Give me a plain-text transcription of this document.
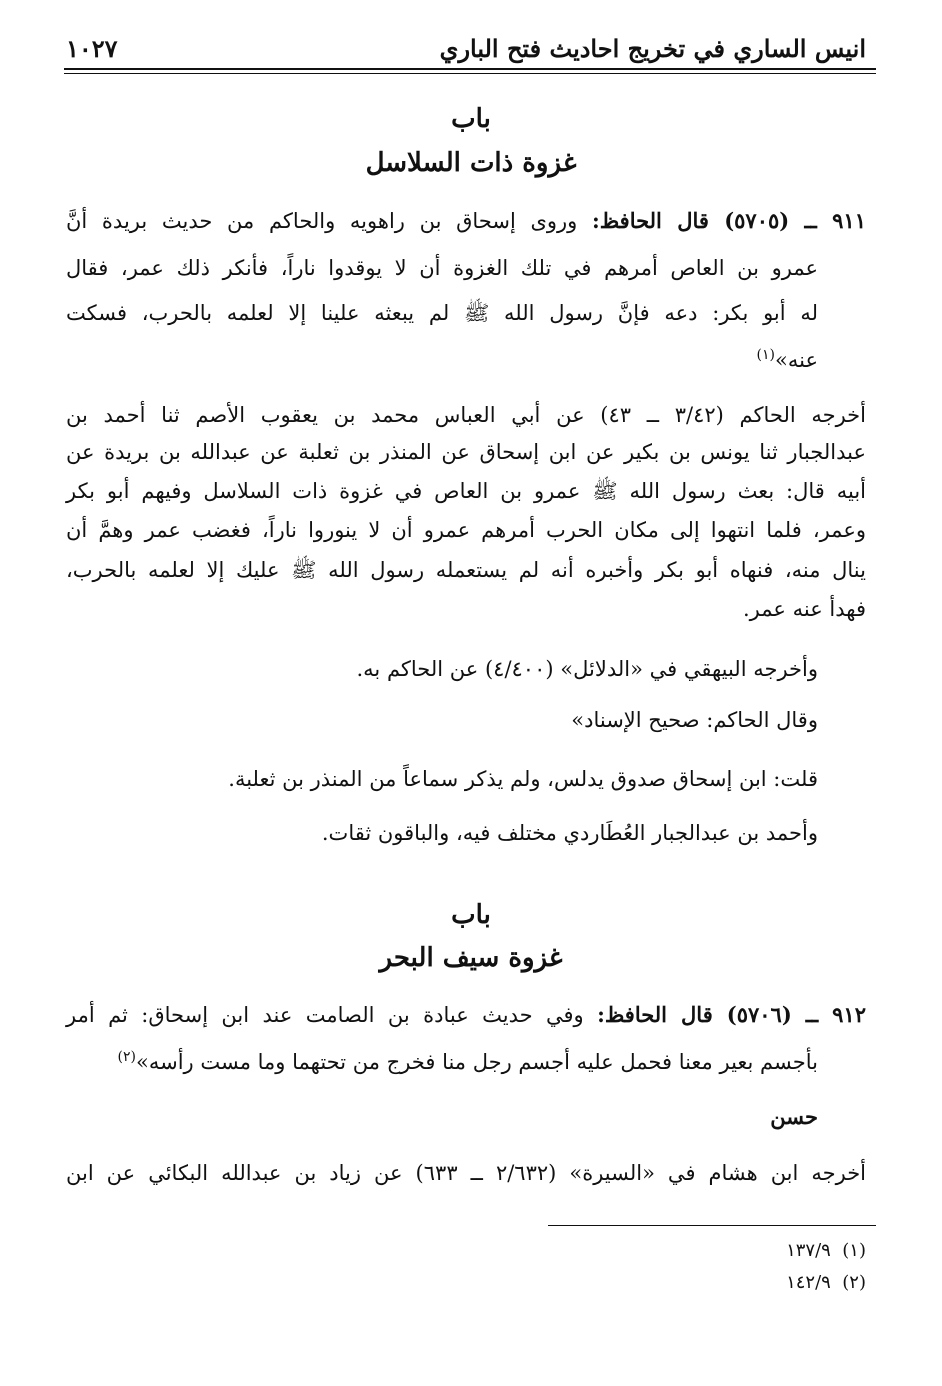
انيس الساري في تخريج احاديث فتح الباري
١٠٢٧
باب
غزوة ذات السلاسل
٩١١ ــ (٥٧٠٥) قال الحافظ: وروى إسحاق بن راهويه والحاكم من حديث بريدة أنَّ
عمرو بن العاص أمرهم في تلك الغزوة أن لا يوقدوا ناراً، فأنكر ذلك عمر، فقال
له أبو بكر: دعه فإنَّ رسول الله ﷺ لم يبعثه علينا إلا لعلمه بالحرب، فسكت
عنه»$^{(١)}$
أخرجه الحاكم (٣/٤٢ ــ ٤٣) عن أبي العباس محمد بن يعقوب الأصم ثنا أحمد بن
عبدالجبار ثنا يونس بن بكير عن ابن إسحاق عن المنذر بن ثعلبة عن عبدالله بن بريدة عن
أبيه قال: بعث رسول الله ﷺ عمرو بن العاص في غزوة ذات السلاسل وفيهم أبو بكر
وعمر، فلما انتهوا إلى مكان الحرب أمرهم عمرو أن لا ينوروا ناراً، فغضب عمر وهمَّ أن
ينال منه، فنهاه أبو بكر وأخبره أنه لم يستعمله رسول الله ﷺ عليك إلا لعلمه بالحرب،
فهدأ عنه عمر.
وأخرجه البيهقي في «الدلائل» (٤/٤٠٠) عن الحاكم به.
وقال الحاكم: صحيح الإسناد»
قلت: ابن إسحاق صدوق يدلس، ولم يذكر سماعاً من المنذر بن ثعلبة.
وأحمد بن عبدالجبار العُطَاردي مختلف فيه، والباقون ثقات.
باب
غزوة سيف البحر
٩١٢ ــ (٥٧٠٦) قال الحافظ: وفي حديث عبادة بن الصامت عند ابن إسحاق: ثم أمر
بأجسم بعير معنا فحمل عليه أجسم رجل منا فخرج من تحتهما وما مست رأسه»$^{(٢)}$
حسن
أخرجه ابن هشام في «السيرة» (٢/٦٣٢ ــ ٦٣٣) عن زياد بن عبدالله البكائي عن ابن
(١)  ١٣٧/٩
(٢)  ١٤٢/٩
